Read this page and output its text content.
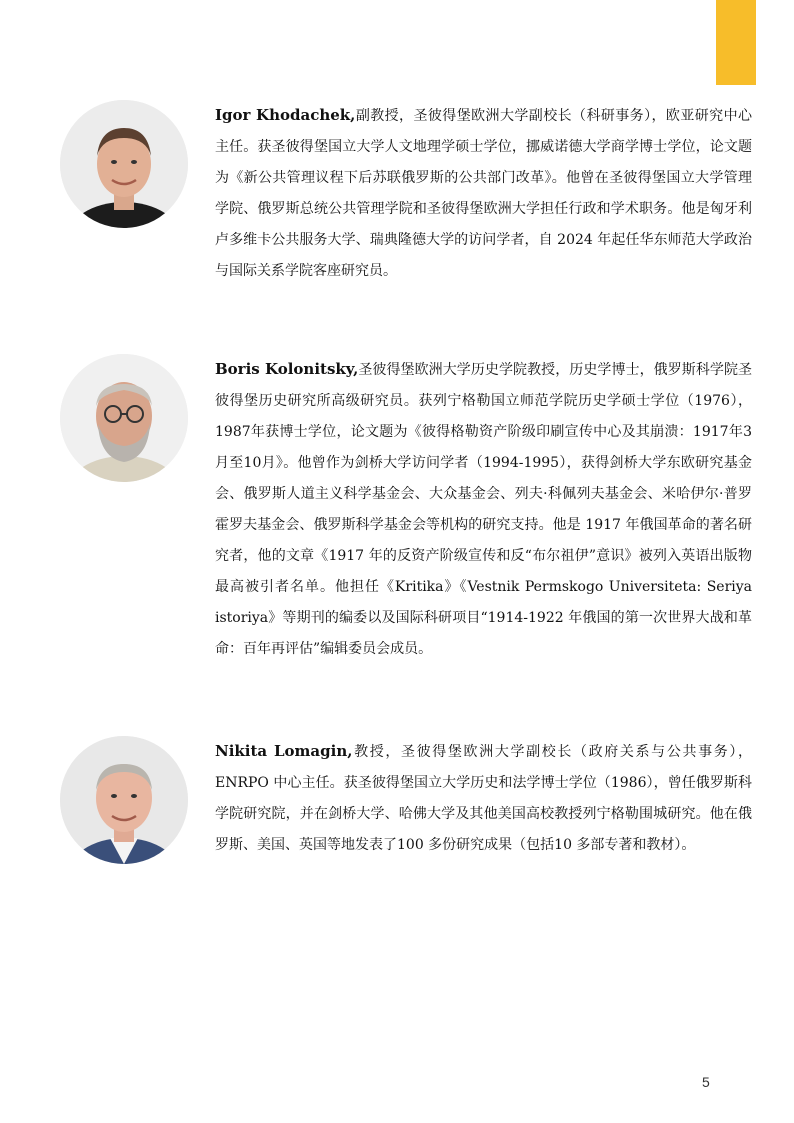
Igor Khodachek,副教授，圣彼得堡欧洲大学副校长（科研事务），欧亚研究中心主任。获圣彼得堡国立大学人文地理学硕士学位，挪威诺德大学商学博士学位，论文题为《新公共管理议程下后苏联俄罗斯的公共部门改革》。他曾在圣彼得堡国立大学管理学院、俄罗斯总统公共管理学院和圣彼得堡欧洲大学担任行政和学术职务。他是匈牙利卢多维卡公共服务大学、瑞典隆德大学的访问学者，自 2024 年起任华东师范大学政治与国际关系学院客座研究员。

Boris Kolonitsky,圣彼得堡欧洲大学历史学院教授，历史学博士，俄罗斯科学院圣彼得堡历史研究所高级研究员。获列宁格勒国立师范学院历史学硕士学位（1976），1987年获博士学位，论文题为《彼得格勒资产阶级印刷宣传中心及其崩溃：1917年3月至10月》。他曾作为剑桥大学访问学者（1994-1995），获得剑桥大学东欧研究基金会、俄罗斯人道主义科学基金会、大众基金会、列夫·科佩列夫基金会、米哈伊尔·普罗霍罗夫基金会、俄罗斯科学基金会等机构的研究支持。他是 1917 年俄国革命的著名研究者，他的文章《1917 年的反资产阶级宣传和反“布尔祖伊”意识》被列入英语出版物最高被引者名单。他担任《Kritika》《Vestnik Permskogo Universiteta: Seriya istoriya》等期刊的编委以及国际科研项目“1914-1922 年俄国的第一次世界大战和革命：百年再评估”编辑委员会成员。

Nikita Lomagin,教授，圣彼得堡欧洲大学副校长（政府关系与公共事务），ENRPO 中心主任。获圣彼得堡国立大学历史和法学博士学位（1986），曾任俄罗斯科学院研究院，并在剑桥大学、哈佛大学及其他美国高校教授列宁格勒围城研究。他在俄罗斯、美国、英国等地发表了100 多份研究成果（包括10 多部专著和教材）。

5
